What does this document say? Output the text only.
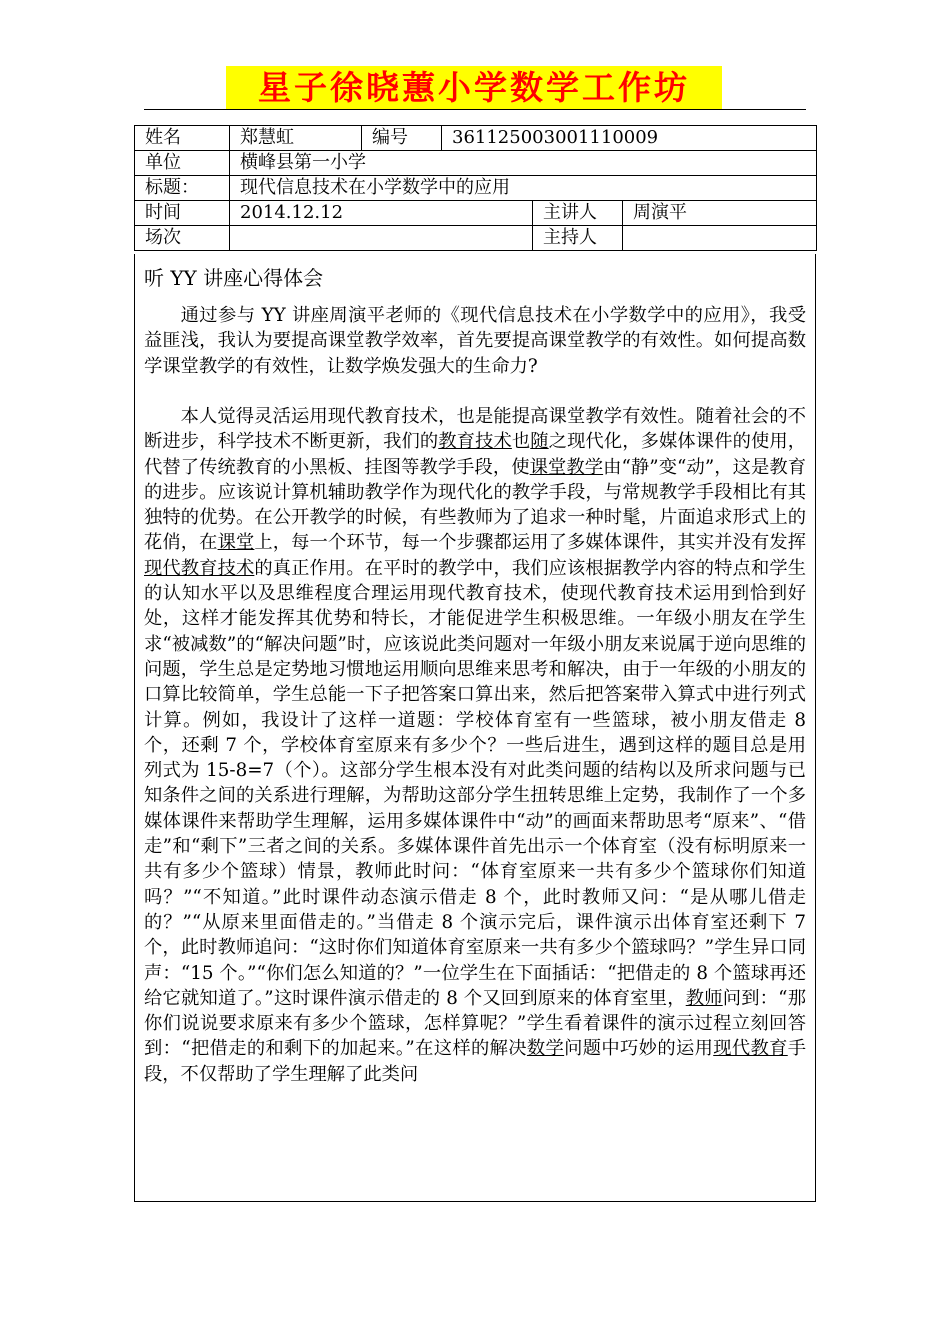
星子徐晓蕙小学数学工作坊
姓名	郑慧虹	编号	361125003001110009		
单位	横峰县第一小学				
标题：	现代信息技术在小学数学中的应用				
时间	2014.12.12			主讲人	周演平
场次				主持人	
听 YY 讲座心得体会

通过参与 YY 讲座周演平老师的《现代信息技术在小学数学中的应用》，我受益匪浅，我认为要提高课堂教学效率，首先要提高课堂教学的有效性。如何提高数学课堂教学的有效性，让数学焕发强大的生命力?

本人觉得灵活运用现代教育技术，也是能提高课堂教学有效性。随着社会的不断进步，科学技术不断更新，我们的教育技术也随之现代化，多媒体课件的使用，代替了传统教育的小黑板、挂图等教学手段，使课堂教学由“静”变“动”，这是教育的进步。应该说计算机辅助教学作为现代化的教学手段，与常规教学手段相比有其独特的优势。在公开教学的时候，有些教师为了追求一种时髦，片面追求形式上的花俏，在课堂上，每一个环节，每一个步骤都运用了多媒体课件，其实并没有发挥现代教育技术的真正作用。在平时的教学中，我们应该根据教学内容的特点和学生的认知水平以及思维程度合理运用现代教育技术，使现代教育技术运用到恰到好处，这样才能发挥其优势和特长，才能促进学生积极思维。一年级小朋友在学生求“被减数”的“解决问题”时，应该说此类问题对一年级小朋友来说属于逆向思维的问题，学生总是定势地习惯地运用顺向思维来思考和解决，由于一年级的小朋友的口算比较简单，学生总能一下子把答案口算出来，然后把答案带入算式中进行列式计算。例如，我设计了这样一道题：学校体育室有一些篮球，被小朋友借走 8 个，还剩 7 个，学校体育室原来有多少个？一些后进生，遇到这样的题目总是用列式为 15-8=7（个）。这部分学生根本没有对此类问题的结构以及所求问题与已知条件之间的关系进行理解，为帮助这部分学生扭转思维上定势，我制作了一个多媒体课件来帮助学生理解，运用多媒体课件中“动”的画面来帮助思考“原来”、“借走”和“剩下”三者之间的关系。多媒体课件首先出示一个体育室（没有标明原来一共有多少个篮球）情景，教师此时问：“体育室原来一共有多少个篮球你们知道吗？”“不知道。”此时课件动态演示借走 8 个，此时教师又问：“是从哪儿借走的？”“从原来里面借走的。”当借走 8 个演示完后，课件演示出体育室还剩下 7 个，此时教师追问：“这时你们知道体育室原来一共有多少个篮球吗？”学生异口同声：“15 个。”“你们怎么知道的？”一位学生在下面插话：“把借走的 8 个篮球再还给它就知道了。”这时课件演示借走的 8 个又回到原来的体育室里，教师问到：“那你们说说要求原来有多少个篮球，怎样算呢？”学生看着课件的演示过程立刻回答到：“把借走的和剩下的加起来。”在这样的解决数学问题中巧妙的运用现代教育手段，不仅帮助了学生理解了此类问
